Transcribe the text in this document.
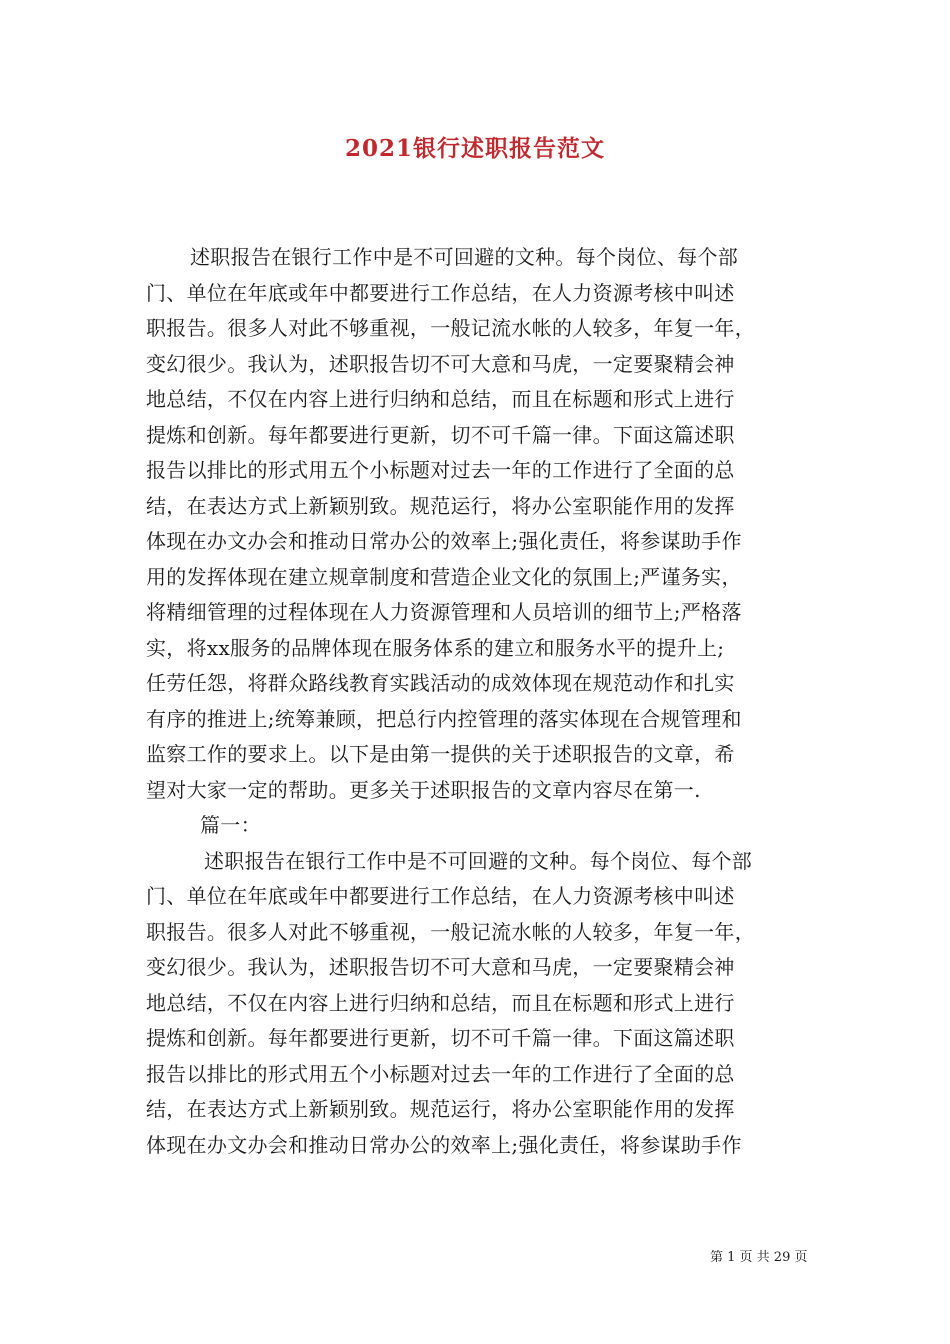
2021银行述职报告范文
述职报告在银行工作中是不可回避的文种。每个岗位、每个部
门、单位在年底或年中都要进行工作总结，在人力资源考核中叫述
职报告。很多人对此不够重视，一般记流水帐的人较多，年复一年，
变幻很少。我认为，述职报告切不可大意和马虎，一定要聚精会神
地总结，不仅在内容上进行归纳和总结，而且在标题和形式上进行
提炼和创新。每年都要进行更新，切不可千篇一律。下面这篇述职
报告以排比的形式用五个小标题对过去一年的工作进行了全面的总
结，在表达方式上新颖别致。规范运行，将办公室职能作用的发挥
体现在办文办会和推动日常办公的效率上;强化责任，将参谋助手作
用的发挥体现在建立规章制度和营造企业文化的氛围上;严谨务实，
将精细管理的过程体现在人力资源管理和人员培训的细节上;严格落
实，将xx服务的品牌体现在服务体系的建立和服务水平的提升上;
任劳任怨，将群众路线教育实践活动的成效体现在规范动作和扎实
有序的推进上;统筹兼顾，把总行内控管理的落实体现在合规管理和
监察工作的要求上。以下是由第一提供的关于述职报告的文章，希
望对大家一定的帮助。更多关于述职报告的文章内容尽在第一.
篇一：
述职报告在银行工作中是不可回避的文种。每个岗位、每个部
门、单位在年底或年中都要进行工作总结，在人力资源考核中叫述
职报告。很多人对此不够重视，一般记流水帐的人较多，年复一年，
变幻很少。我认为，述职报告切不可大意和马虎，一定要聚精会神
地总结，不仅在内容上进行归纳和总结，而且在标题和形式上进行
提炼和创新。每年都要进行更新，切不可千篇一律。下面这篇述职
报告以排比的形式用五个小标题对过去一年的工作进行了全面的总
结，在表达方式上新颖别致。规范运行，将办公室职能作用的发挥
体现在办文办会和推动日常办公的效率上;强化责任，将参谋助手作
第 1 页 共 29 页
